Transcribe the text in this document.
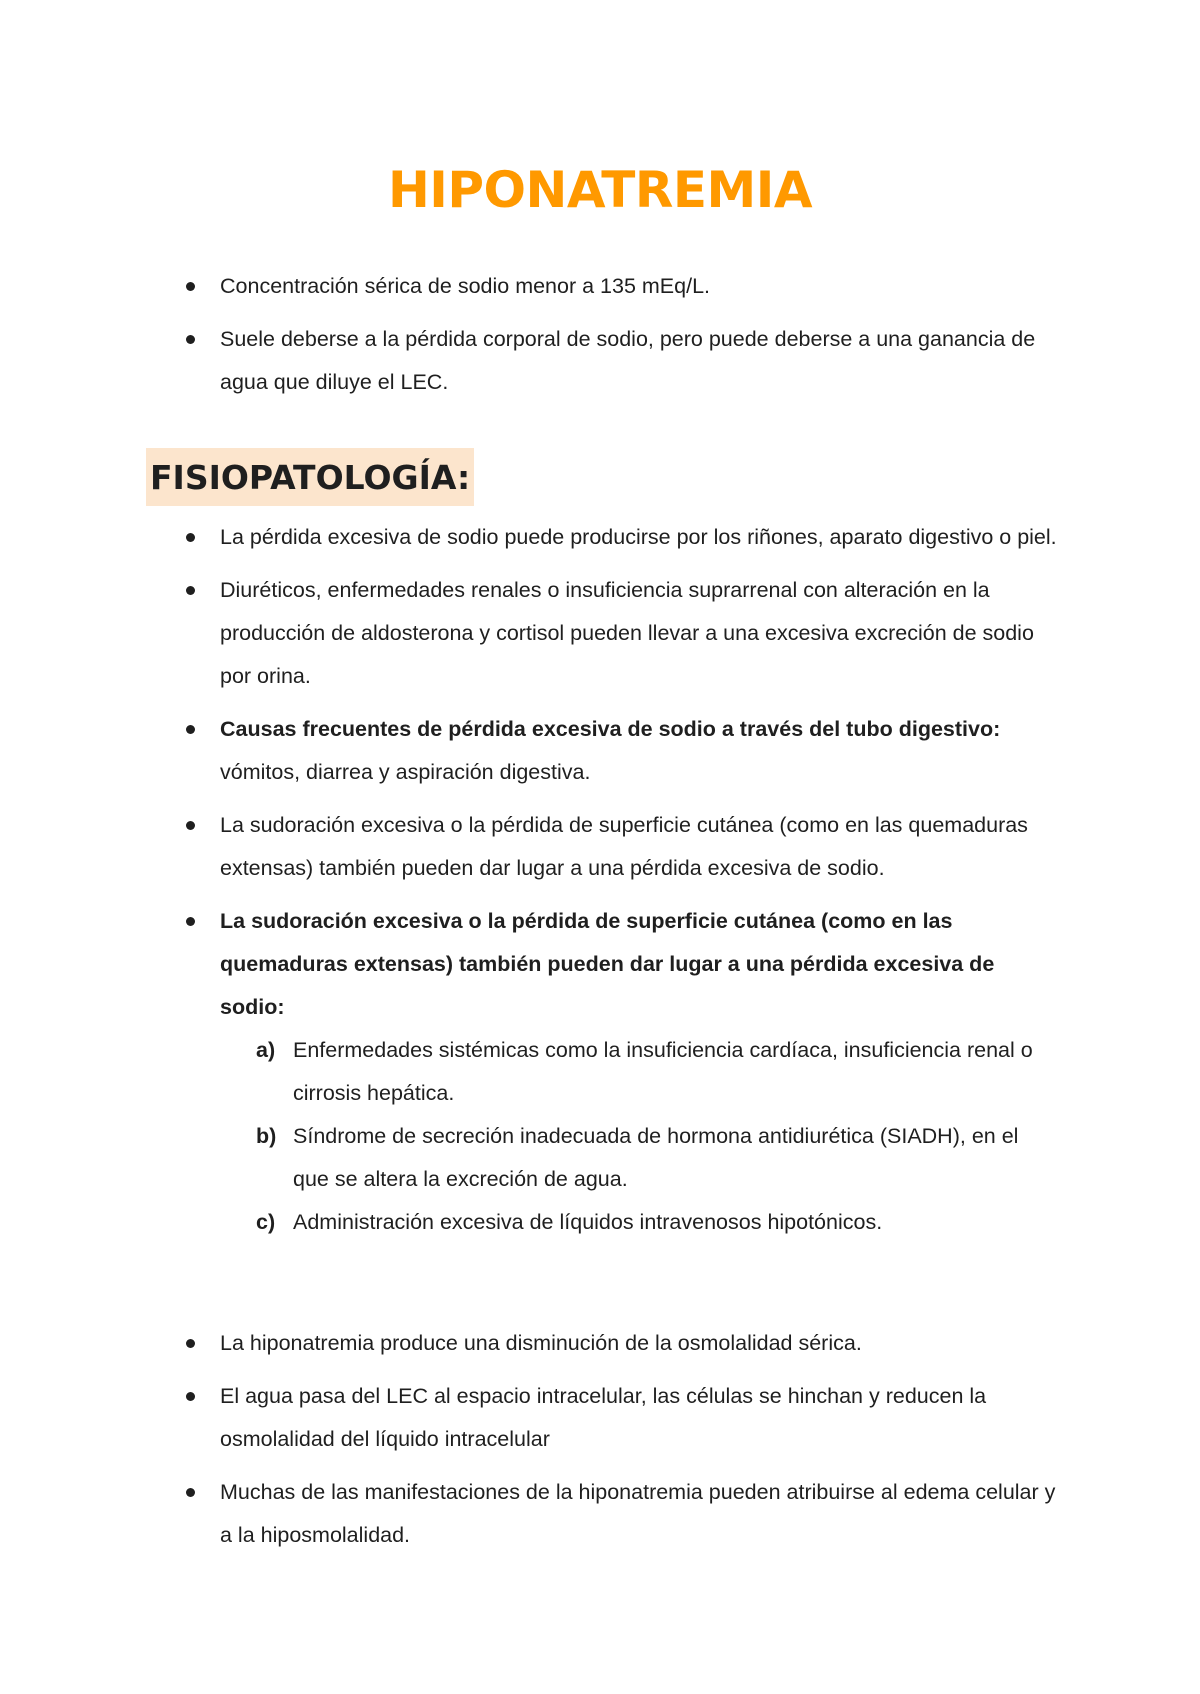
HIPONATREMIA
Concentración sérica de sodio menor a 135 mEq/L.
Suele deberse a la pérdida corporal de sodio, pero puede deberse a una ganancia de agua que diluye el LEC.
FISIOPATOLOGÍA:
La pérdida excesiva de sodio puede producirse por los riñones, aparato digestivo o piel.
Diuréticos, enfermedades renales o insuficiencia suprarrenal con alteración en la producción de aldosterona y cortisol pueden llevar a una excesiva excreción de sodio por orina.
Causas frecuentes de pérdida excesiva de sodio a través del tubo digestivo: vómitos, diarrea y aspiración digestiva.
La sudoración excesiva o la pérdida de superficie cutánea (como en las quemaduras extensas) también pueden dar lugar a una pérdida excesiva de sodio.
La sudoración excesiva o la pérdida de superficie cutánea (como en las quemaduras extensas) también pueden dar lugar a una pérdida excesiva de sodio:
a) Enfermedades sistémicas como la insuficiencia cardíaca, insuficiencia renal o cirrosis hepática.
b) Síndrome de secreción inadecuada de hormona antidiurética (SIADH), en el que se altera la excreción de agua.
c) Administración excesiva de líquidos intravenosos hipotónicos.
La hiponatremia produce una disminución de la osmolalidad sérica.
El agua pasa del LEC al espacio intracelular, las células se hinchan y reducen la osmolalidad del líquido intracelular
Muchas de las manifestaciones de la hiponatremia pueden atribuirse al edema celular y a la hiposmolalidad.
